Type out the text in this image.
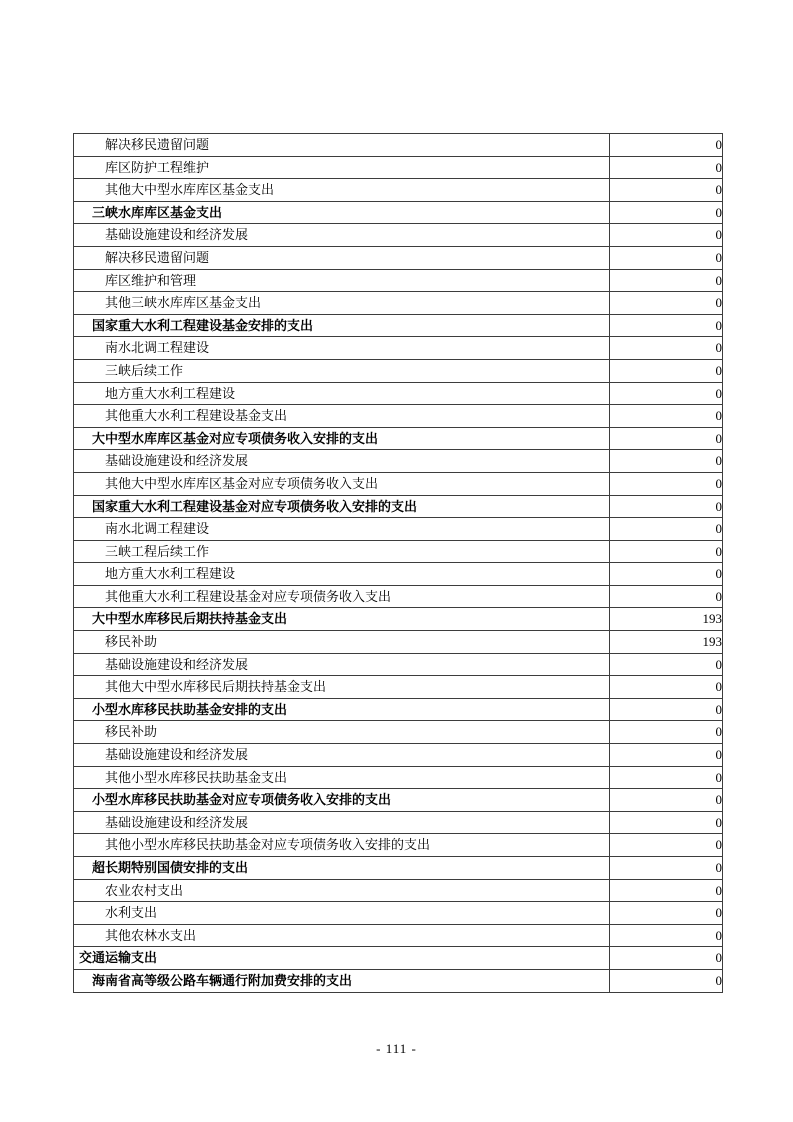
解决移民遗留问题	0
库区防护工程维护	0
其他大中型水库库区基金支出	0
三峡水库库区基金支出	0
基础设施建设和经济发展	0
解决移民遗留问题	0
库区维护和管理	0
其他三峡水库库区基金支出	0
国家重大水利工程建设基金安排的支出	0
南水北调工程建设	0
三峡后续工作	0
地方重大水利工程建设	0
其他重大水利工程建设基金支出	0
大中型水库库区基金对应专项债务收入安排的支出	0
基础设施建设和经济发展	0
其他大中型水库库区基金对应专项债务收入支出	0
国家重大水利工程建设基金对应专项债务收入安排的支出	0
南水北调工程建设	0
三峡工程后续工作	0
地方重大水利工程建设	0
其他重大水利工程建设基金对应专项债务收入支出	0
大中型水库移民后期扶持基金支出	193
移民补助	193
基础设施建设和经济发展	0
其他大中型水库移民后期扶持基金支出	0
小型水库移民扶助基金安排的支出	0
移民补助	0
基础设施建设和经济发展	0
其他小型水库移民扶助基金支出	0
小型水库移民扶助基金对应专项债务收入安排的支出	0
基础设施建设和经济发展	0
其他小型水库移民扶助基金对应专项债务收入安排的支出	0
超长期特别国债安排的支出	0
农业农村支出	0
水利支出	0
其他农林水支出	0
交通运输支出	0
海南省高等级公路车辆通行附加费安排的支出	0
- 111 -
